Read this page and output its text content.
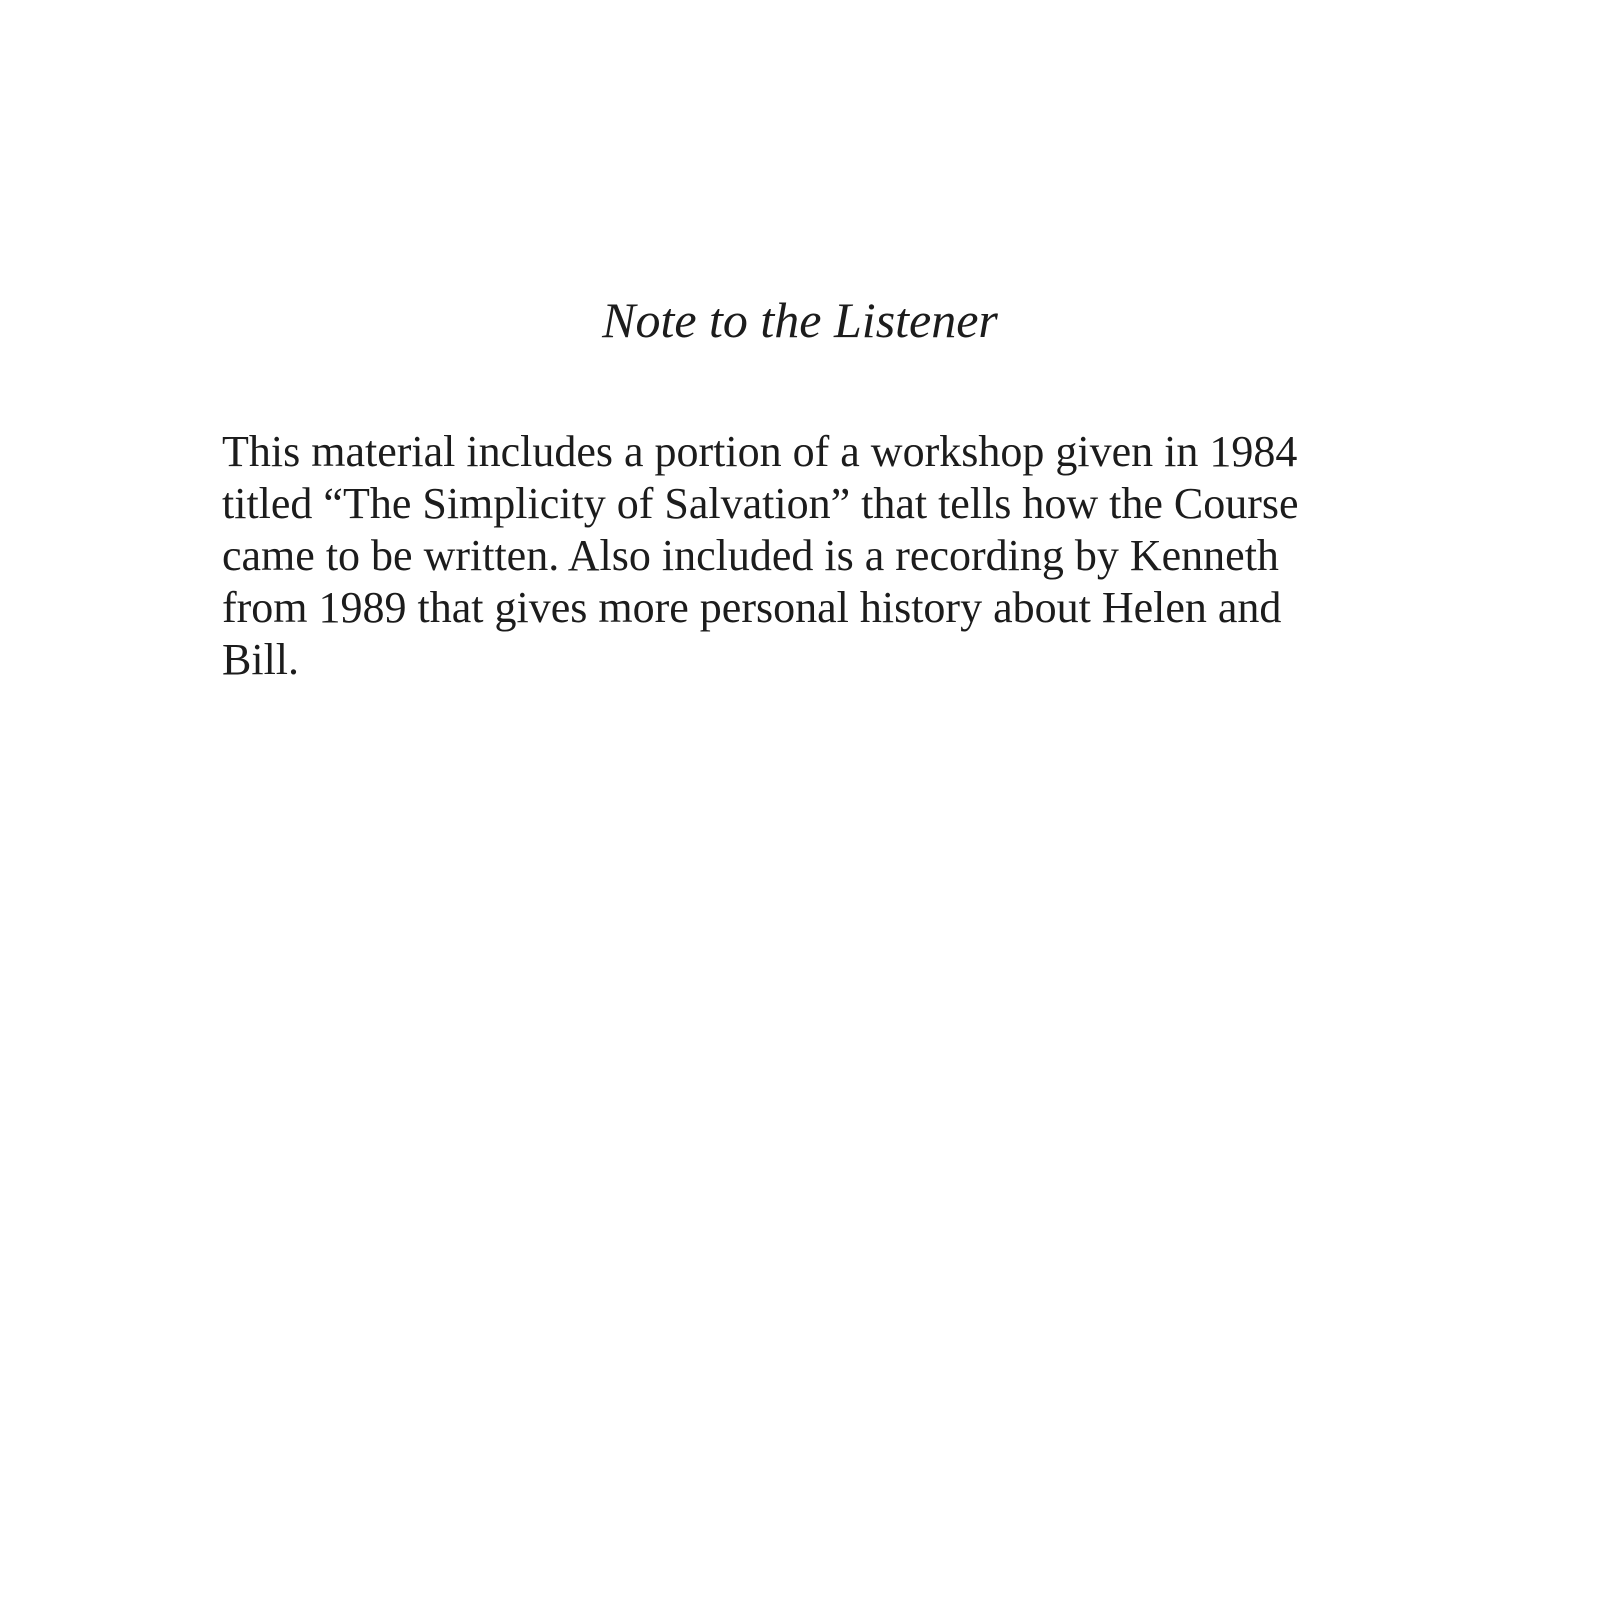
Note to the Listener

This material includes a portion of a workshop given in 1984
titled “The Simplicity of Salvation” that tells how the Course
came to be written. Also included is a recording by Kenneth
from 1989 that gives more personal history about Helen and
Bill.
